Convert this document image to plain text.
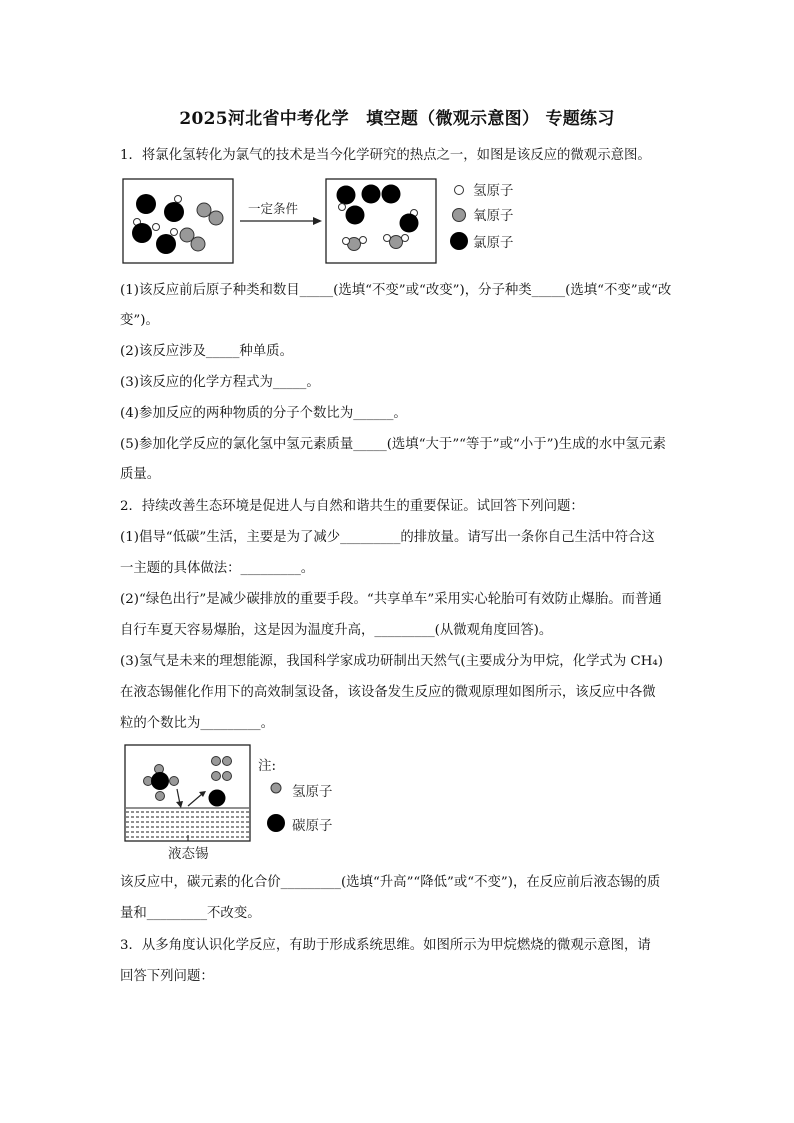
2025河北省中考化学　填空题（微观示意图） 专题练习
1．将氯化氢转化为氯气的技术是当今化学研究的热点之一，如图是该反应的微观示意图。
一定条件
氢原子
氧原子
氯原子
(1)该反应前后原子种类和数目_____(选填“不变”或“改变”)，分子种类_____(选填“不变”或“改
变”)。
(2)该反应涉及_____种单质。
(3)该反应的化学方程式为_____。
(4)参加反应的两种物质的分子个数比为______。
(5)参加化学反应的氯化氢中氢元素质量_____(选填“大于”“等于”或“小于”)生成的水中氢元素
质量。
2．持续改善生态环境是促进人与自然和谐共生的重要保证。试回答下列问题：
(1)倡导“低碳”生活，主要是为了减少_________的排放量。请写出一条你自己生活中符合这
一主题的具体做法：_________。
(2)“绿色出行”是减少碳排放的重要手段。“共享单车”采用实心轮胎可有效防止爆胎。而普通
自行车夏天容易爆胎，这是因为温度升高，_________(从微观角度回答)。
(3)氢气是未来的理想能源，我国科学家成功研制出天然气(主要成分为甲烷，化学式为 CH₄)
在液态锡催化作用下的高效制氢设备，该设备发生反应的微观原理如图所示，该反应中各微
粒的个数比为_________。
液态锡
注:
氢原子
碳原子
该反应中，碳元素的化合价_________(选填“升高”“降低”或“不变”)，在反应前后液态锡的质
量和_________不改变。
3．从多角度认识化学反应，有助于形成系统思维。如图所示为甲烷燃烧的微观示意图，请
回答下列问题：
